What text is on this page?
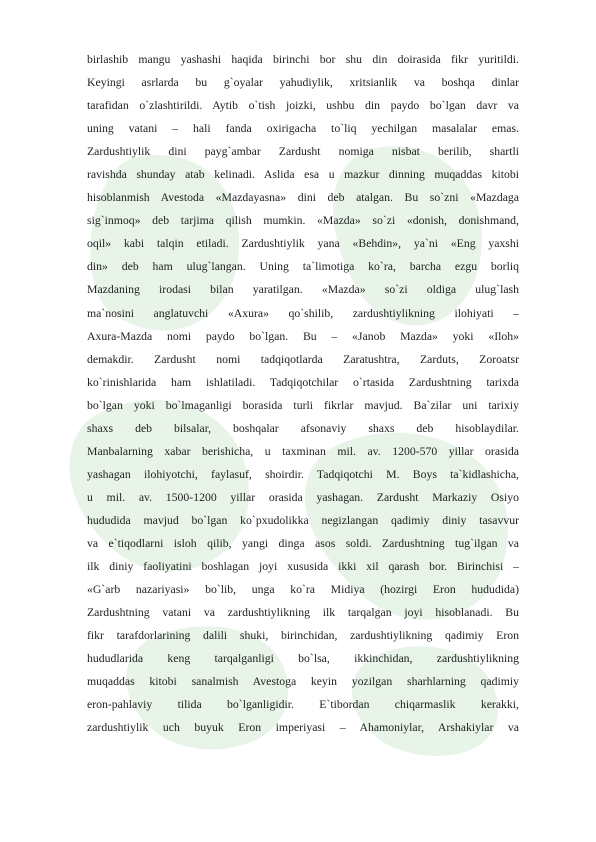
birlashib mangu yashashi haqida birinchi bor shu din doirasida fikr yuritildi.
Keyingi asrlarda bu g`oyalar yahudiylik, xritsianlik va boshqa dinlar
tarafidan o`zlashtirildi. Aytib o`tish joizki, ushbu din paydo bo`lgan davr va
uning vatani – hali fanda oxirigacha to`liq yechilgan masalalar emas.
Zardushtiylik dini payg`ambar Zardusht nomiga nisbat berilib, shartli
ravishda shunday atab kelinadi. Aslida esa u mazkur dinning muqaddas kitobi
hisoblanmish Avestoda «Mazdayasna» dini deb atalgan. Bu so`zni «Mazdaga
sig`inmoq» deb tarjima qilish mumkin. «Mazda» so`zi «donish, donishmand,
oqil» kabi talqin etiladi. Zardushtiylik yana «Behdin», ya`ni «Eng yaxshi
din» deb ham ulug`langan. Uning ta`limotiga ko`ra, barcha ezgu borliq
Mazdaning irodasi bilan yaratilgan. «Mazda» so`zi oldiga ulug`lash
ma`nosini anglatuvchi «Axura» qo`shilib, zardushtiylikning ilohiyati –
Axura-Mazda nomi paydo bo`lgan. Bu – «Janob Mazda» yoki «Iloh»
demakdir. Zardusht nomi tadqiqotlarda Zaratushtra, Zarduts, Zoroatsr
ko`rinishlarida ham ishlatiladi. Tadqiqotchilar o`rtasida Zardushtning tarixda
bo`lgan yoki bo`lmaganligi borasida turli fikrlar mavjud. Ba`zilar uni tarixiy
shaxs deb bilsalar, boshqalar afsonaviy shaxs deb hisoblaydilar.
Manbalarning xabar berishicha, u taxminan mil. av. 1200-570 yillar orasida
yashagan ilohiyotchi, faylasuf, shoirdir. Tadqiqotchi M. Boys ta`kidlashicha,
u mil. av. 1500-1200 yillar orasida yashagan. Zardusht Markaziy Osiyo
hududida mavjud bo`lgan ko`pxudolikka negizlangan qadimiy diniy tasavvur
va e`tiqodlarni isloh qilib, yangi dinga asos soldi. Zardushtning tug`ilgan va
ilk diniy faoliyatini boshlagan joyi xususida ikki xil qarash bor. Birinchisi –
«G`arb nazariyasi» bo`lib, unga ko`ra Midiya (hozirgi Eron hududida)
Zardushtning vatani va zardushtiylikning ilk tarqalgan joyi hisoblanadi. Bu
fikr tarafdorlarining dalili shuki, birinchidan, zardushtiylikning qadimiy Eron
hududlarida keng tarqalganligi bo`lsa, ikkinchidan, zardushtiylikning
muqaddas kitobi sanalmish Avestoga keyin yozilgan sharhlarning qadimiy
eron-pahlaviy tilida bo`lganligidir. E`tibordan chiqarmaslik kerakki,
zardushtiylik uch buyuk Eron imperiyasi – Ahamoniylar, Arshakiylar va
